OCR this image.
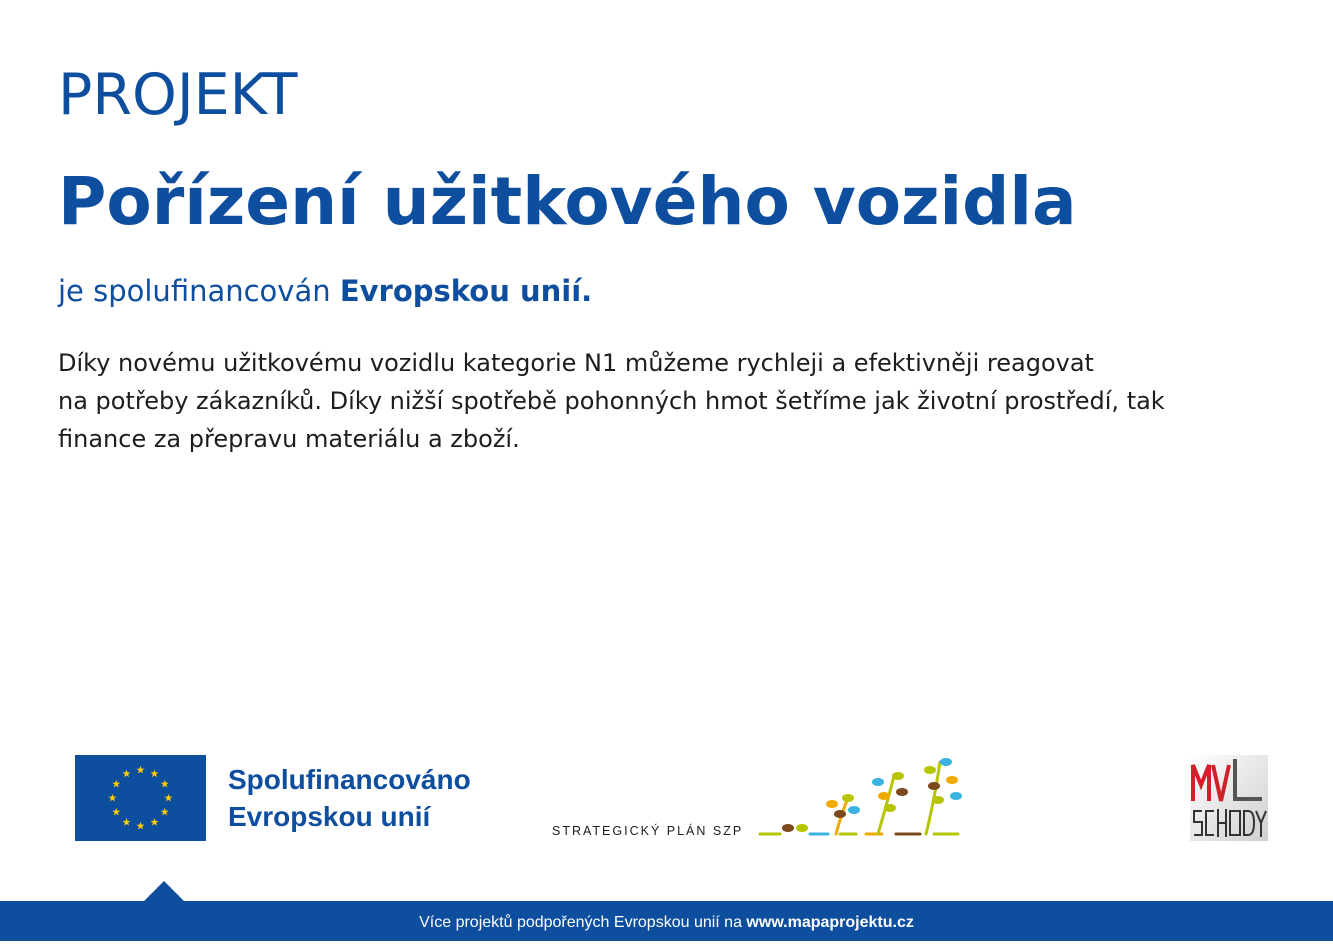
PROJEKT
Pořízení užitkového vozidla

je spolufinancován Evropskou unií.

Díky novému užitkovému vozidlu kategorie N1 můžeme rychleji a efektivněji reagovat
na potřeby zákazníků. Díky nižší spotřebě pohonných hmot šetříme jak životní prostředí, tak
finance za přepravu materiálu a zboží.

Spolufinancováno
Evropskou unií	STRATEGICKÝ PLÁN SZP
Více projektů podpořených Evropskou unií na www.mapaprojektu.cz
